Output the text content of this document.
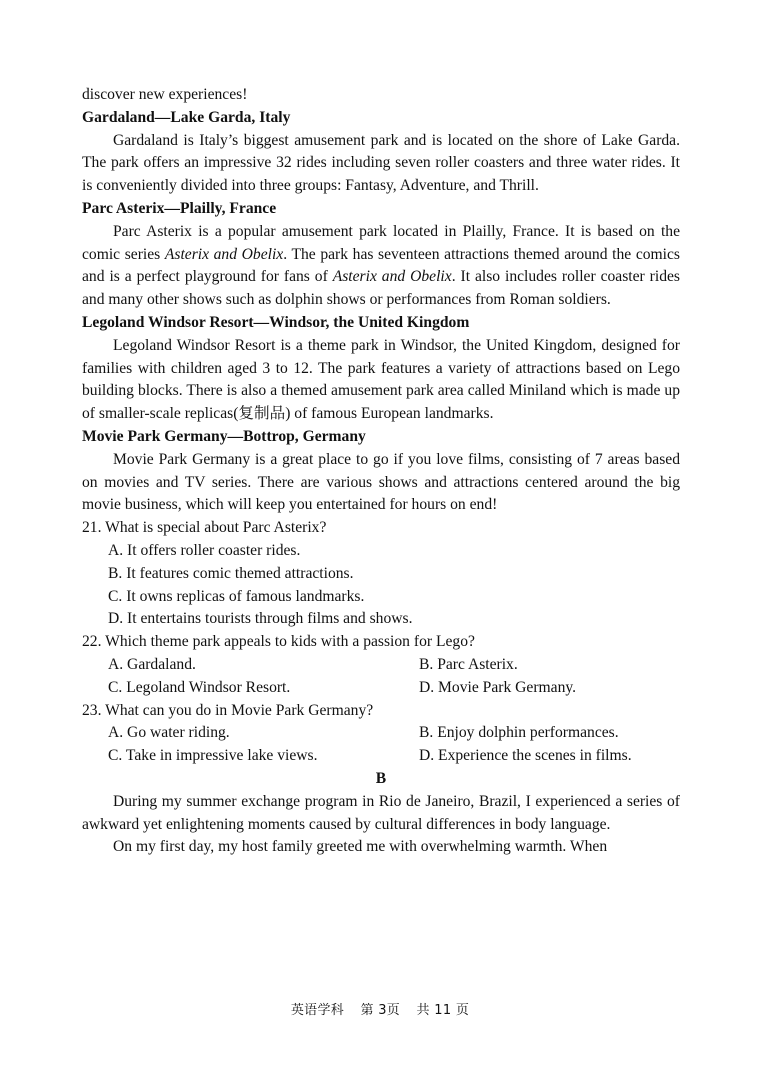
discover new experiences!
Gardaland—Lake Garda, Italy

Gardaland is Italy’s biggest amusement park and is located on the shore of Lake Garda. The park offers an impressive 32 rides including seven roller coasters and three water rides. It is conveniently divided into three groups: Fantasy, Adventure, and Thrill.

Parc Asterix—Plailly, France

Parc Asterix is a popular amusement park located in Plailly, France. It is based on the comic series Asterix and Obelix. The park has seventeen attractions themed around the comics and is a perfect playground for fans of Asterix and Obelix. It also includes roller coaster rides and many other shows such as dolphin shows or performances from Roman soldiers.

Legoland Windsor Resort—Windsor, the United Kingdom

Legoland Windsor Resort is a theme park in Windsor, the United Kingdom, designed for families with children aged 3 to 12. The park features a variety of attractions based on Lego building blocks. There is also a themed amusement park area called Miniland which is made up of smaller-scale replicas(复制品) of famous European landmarks.

Movie Park Germany—Bottrop, Germany

Movie Park Germany is a great place to go if you love films, consisting of 7 areas based on movies and TV series. There are various shows and attractions centered around the big movie business, which will keep you entertained for hours on end!

21. What is special about Parc Asterix?
A. It offers roller coaster rides.
B. It features comic themed attractions.
C. It owns replicas of famous landmarks.
D. It entertains tourists through films and shows.
22. Which theme park appeals to kids with a passion for Lego?
A. Gardaland.	B. Parc Asterix.
C. Legoland Windsor Resort.	D. Movie Park Germany.
23. What can you do in Movie Park Germany?
A. Go water riding.	B. Enjoy dolphin performances.
C. Take in impressive lake views.	D. Experience the scenes in films.
B

During my summer exchange program in Rio de Janeiro, Brazil, I experienced a series of awkward yet enlightening moments caused by cultural differences in body language.

On my first day, my host family greeted me with overwhelming warmth. When

英语学科 第 3页 共 11 页
